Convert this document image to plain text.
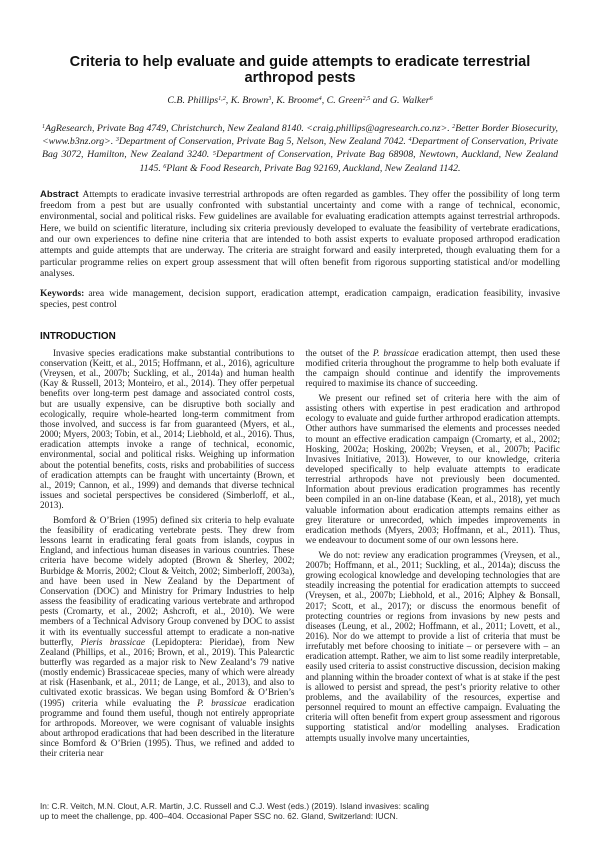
Criteria to help evaluate and guide attempts to eradicate terrestrial arthropod pests
C.B. Phillips$^{1,2}$, K. Brown$^3$, K. Broome$^4$, C. Green$^{2,5}$ and G. Walker$^6$
$^1$AgResearch, Private Bag 4749, Christchurch, New Zealand 8140. <craig.phillips@agresearch.co.nz>. $^2$Better Border Biosecurity, <www.b3nz.org>. $^3$Department of Conservation, Private Bag 5, Nelson, New Zealand 7042. $^4$Department of Conservation, Private Bag 3072, Hamilton, New Zealand 3240. $^5$Department of Conservation, Private Bag 68908, Newtown, Auckland, New Zealand 1145. $^6$Plant & Food Research, Private Bag 92169, Auckland, New Zealand 1142.
Abstract Attempts to eradicate invasive terrestrial arthropods are often regarded as gambles. They offer the possibility of long term freedom from a pest but are usually confronted with substantial uncertainty and come with a range of technical, economic, environmental, social and political risks. Few guidelines are available for evaluating eradication attempts against terrestrial arthropods. Here, we build on scientific literature, including six criteria previously developed to evaluate the feasibility of vertebrate eradications, and our own experiences to define nine criteria that are intended to both assist experts to evaluate proposed arthropod eradication attempts and guide attempts that are underway. The criteria are straight forward and easily interpreted, though evaluating them for a particular programme relies on expert group assessment that will often benefit from rigorous supporting statistical and/or modelling analyses.
Keywords: area wide management, decision support, eradication attempt, eradication campaign, eradication feasibility, invasive species, pest control
INTRODUCTION

Invasive species eradications make substantial contributions to conservation (Keitt, et al., 2015; Hoffmann, et al., 2016), agriculture (Vreysen, et al., 2007b; Suckling, et al., 2014a) and human health (Kay & Russell, 2013; Monteiro, et al., 2014). They offer perpetual benefits over long-term pest damage and associated control costs, but are usually expensive, can be disruptive both socially and ecologically, require whole-hearted long-term commitment from those involved, and success is far from guaranteed (Myers, et al., 2000; Myers, 2003; Tobin, et al., 2014; Liebhold, et al., 2016). Thus, eradication attempts invoke a range of technical, economic, environmental, social and political risks. Weighing up information about the potential benefits, costs, risks and probabilities of success of eradication attempts can be fraught with uncertainty (Brown, et al., 2019; Cannon, et al., 1999) and demands that diverse technical issues and societal perspectives be considered (Simberloff, et al., 2013).

Bomford & O’Brien (1995) defined six criteria to help evaluate the feasibility of eradicating vertebrate pests. They drew from lessons learnt in eradicating feral goats from islands, coypus in England, and infectious human diseases in various countries. These criteria have become widely adopted (Brown & Sherley, 2002; Burbidge & Morris, 2002; Clout & Veitch, 2002; Simberloff, 2003a), and have been used in New Zealand by the Department of Conservation (DOC) and Ministry for Primary Industries to help assess the feasibility of eradicating various vertebrate and arthropod pests (Cromarty, et al., 2002; Ashcroft, et al., 2010). We were members of a Technical Advisory Group convened by DOC to assist it with its eventually successful attempt to eradicate a non-native butterfly, Pieris brassicae (Lepidoptera: Pieridae), from New Zealand (Phillips, et al., 2016; Brown, et al., 2019). This Palearctic butterfly was regarded as a major risk to New Zealand’s 79 native (mostly endemic) Brassicaceae species, many of which were already at risk (Hasenbank, et al., 2011; de Lange, et al., 2013), and also to cultivated exotic brassicas. We began using Bomford & O’Brien’s (1995) criteria while evaluating the P. brassicae eradication programme and found them useful, though not entirely appropriate for arthropods. Moreover, we were cognisant of valuable insights about arthropod eradications that had been described in the literature since Bomford & O’Brien (1995). Thus, we refined and added to their criteria near

the outset of the P. brassicae eradication attempt, then used these modified criteria throughout the programme to help both evaluate if the campaign should continue and identify the improvements required to maximise its chance of succeeding.

We present our refined set of criteria here with the aim of assisting others with expertise in pest eradication and arthropod ecology to evaluate and guide further arthropod eradication attempts. Other authors have summarised the elements and processes needed to mount an effective eradication campaign (Cromarty, et al., 2002; Hosking, 2002a; Hosking, 2002b; Vreysen, et al., 2007b; Pacific Invasives Initiative, 2013). However, to our knowledge, criteria developed specifically to help evaluate attempts to eradicate terrestrial arthropods have not previously been documented. Information about previous eradication programmes has recently been compiled in an on-line database (Kean, et al., 2018), yet much valuable information about eradication attempts remains either as grey literature or unrecorded, which impedes improvements in eradication methods (Myers, 2003; Hoffmann, et al., 2011). Thus, we endeavour to document some of our own lessons here.

We do not: review any eradication programmes (Vreysen, et al., 2007b; Hoffmann, et al., 2011; Suckling, et al., 2014a); discuss the growing ecological knowledge and developing technologies that are steadily increasing the potential for eradication attempts to succeed (Vreysen, et al., 2007b; Liebhold, et al., 2016; Alphey & Bonsall, 2017; Scott, et al., 2017); or discuss the enormous benefit of protecting countries or regions from invasions by new pests and diseases (Leung, et al., 2002; Hoffmann, et al., 2011; Lovett, et al., 2016). Nor do we attempt to provide a list of criteria that must be irrefutably met before choosing to initiate – or persevere with – an eradication attempt. Rather, we aim to list some readily interpretable, easily used criteria to assist constructive discussion, decision making and planning within the broader context of what is at stake if the pest is allowed to persist and spread, the pest’s priority relative to other problems, and the availability of the resources, expertise and personnel required to mount an effective campaign. Evaluating the criteria will often benefit from expert group assessment and rigorous supporting statistical and/or modelling analyses. Eradication attempts usually involve many uncertainties,

In: C.R. Veitch, M.N. Clout, A.R. Martin, J.C. Russell and C.J. West (eds.) (2019). Island invasives: scaling up to meet the challenge, pp. 400–404. Occasional Paper SSC no. 62. Gland, Switzerland: IUCN.
